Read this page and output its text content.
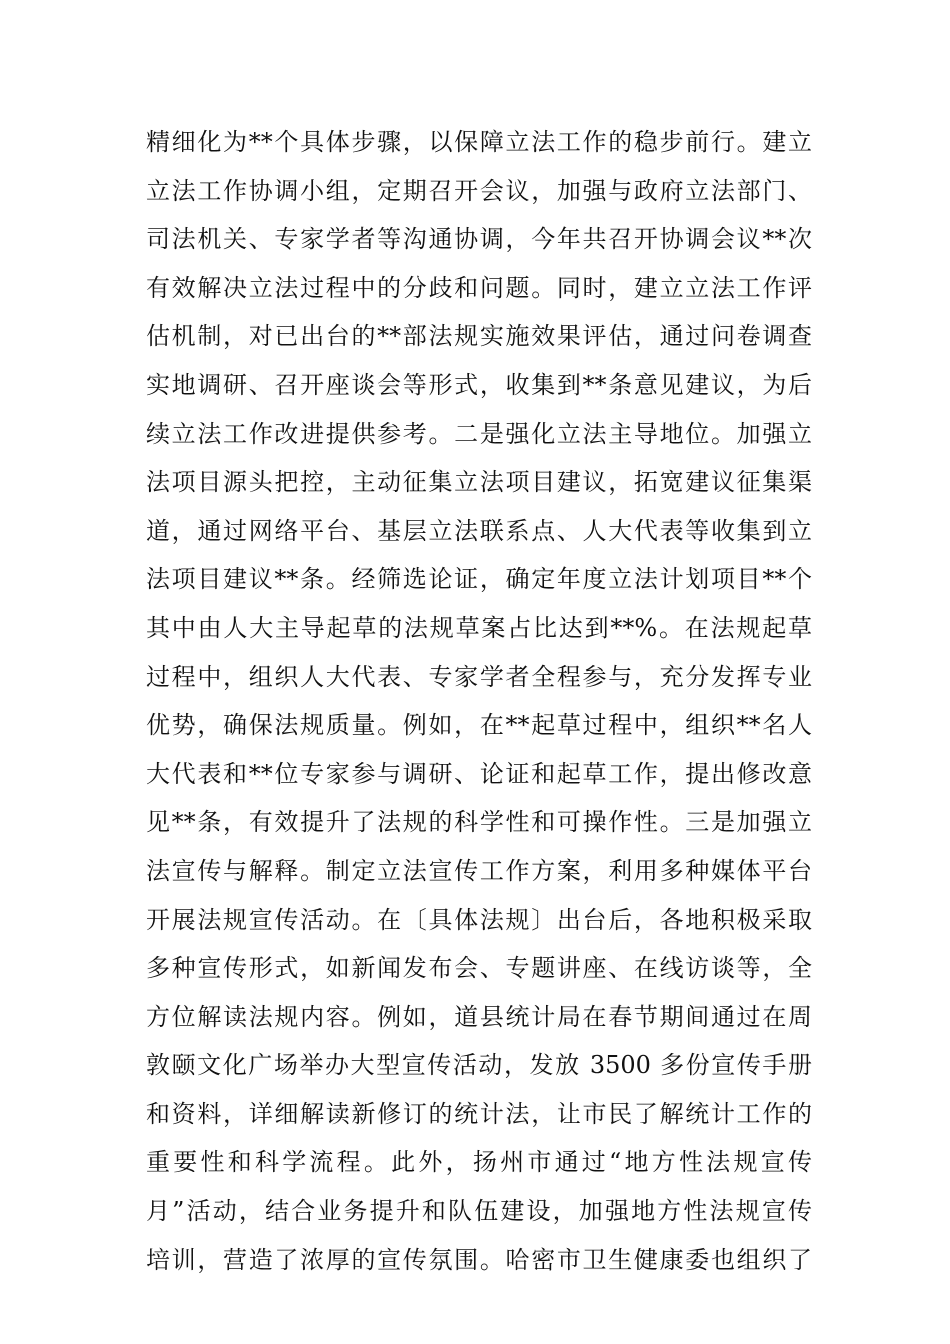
精细化为**个具体步骤，以保障立法工作的稳步前行。建立
立法工作协调小组，定期召开会议，加强与政府立法部门、
司法机关、专家学者等沟通协调，今年共召开协调会议**次
有效解决立法过程中的分歧和问题。同时，建立立法工作评
估机制，对已出台的**部法规实施效果评估，通过问卷调查
实地调研、召开座谈会等形式，收集到**条意见建议，为后
续立法工作改进提供参考。二是强化立法主导地位。加强立
法项目源头把控，主动征集立法项目建议，拓宽建议征集渠
道，通过网络平台、基层立法联系点、人大代表等收集到立
法项目建议**条。经筛选论证，确定年度立法计划项目**个
其中由人大主导起草的法规草案占比达到**%。在法规起草
过程中，组织人大代表、专家学者全程参与，充分发挥专业
优势，确保法规质量。例如，在**起草过程中，组织**名人
大代表和**位专家参与调研、论证和起草工作，提出修改意
见**条，有效提升了法规的科学性和可操作性。三是加强立
法宣传与解释。制定立法宣传工作方案，利用多种媒体平台
开展法规宣传活动。在〔具体法规〕出台后，各地积极采取
多种宣传形式，如新闻发布会、专题讲座、在线访谈等，全
方位解读法规内容。例如，道县统计局在春节期间通过在周
敦颐文化广场举办大型宣传活动，发放 3500 多份宣传手册
和资料，详细解读新修订的统计法，让市民了解统计工作的
重要性和科学流程。此外，扬州市通过“地方性法规宣传
月”活动，结合业务提升和队伍建设，加强地方性法规宣传
培训，营造了浓厚的宣传氛围。哈密市卫生健康委也组织了
